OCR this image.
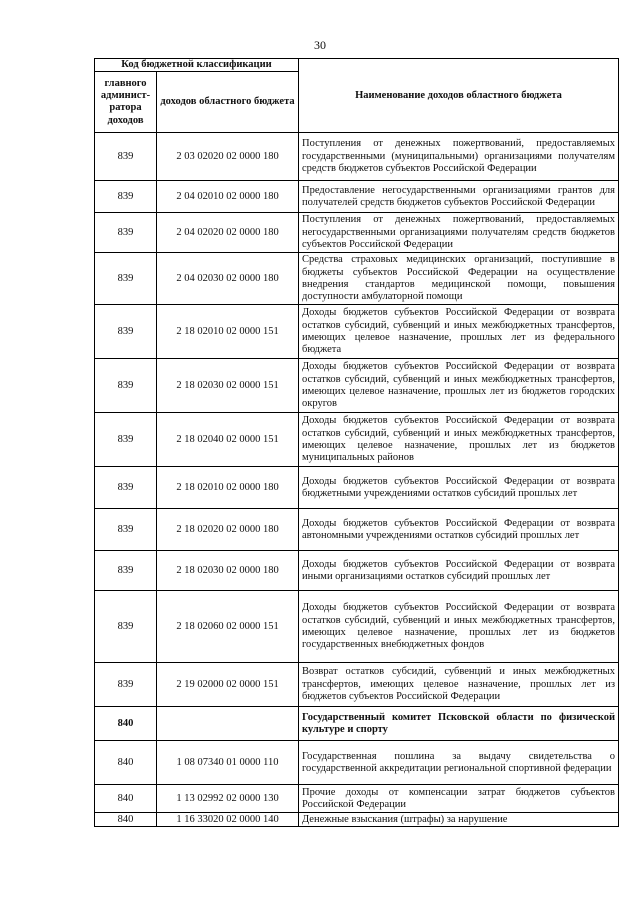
30
Код бюджетной классификации		Наименование доходов областного бюджета
главного админист-ратора доходов	доходов областного бюджета	
839	2 03 02020 02 0000 180	Поступления от денежных пожертвований, предоставляемых государственными (муниципальными) организациями получателям средств бюджетов субъектов Российской Федерации
839	2 04 02010 02 0000 180	Предоставление негосударственными организациями грантов для получателей средств бюджетов субъектов Российской Федерации
839	2 04 02020 02 0000 180	Поступления от денежных пожертвований, предоставляемых негосударственными организациями получателям средств бюджетов субъектов Российской Федерации
839	2 04 02030 02 0000 180	Средства страховых медицинских организаций, поступившие в бюджеты субъектов Российской Федерации на осуществление внедрения стандартов медицинской помощи, повышения доступности амбулаторной помощи
839	2 18 02010 02 0000 151	Доходы бюджетов субъектов Российской Федерации от возврата остатков субсидий, субвенций и иных межбюджетных трансфертов, имеющих целевое назначение, прошлых лет из федерального бюджета
839	2 18 02030 02 0000 151	Доходы бюджетов субъектов Российской Федерации от возврата остатков субсидий, субвенций и иных межбюджетных трансфертов, имеющих целевое назначение, прошлых лет из бюджетов городских округов
839	2 18 02040 02 0000 151	Доходы бюджетов субъектов Российской Федерации от возврата остатков субсидий, субвенций и иных межбюджетных трансфертов, имеющих целевое назначение, прошлых лет из бюджетов муниципальных районов
839	2 18 02010 02 0000 180	Доходы бюджетов субъектов Российской Федерации от возврата бюджетными учреждениями остатков субсидий прошлых лет
839	2 18 02020 02 0000 180	Доходы бюджетов субъектов Российской Федерации от возврата автономными учреждениями остатков субсидий прошлых лет
839	2 18 02030 02 0000 180	Доходы бюджетов субъектов Российской Федерации от возврата иными организациями остатков субсидий прошлых лет
839	2 18 02060 02 0000 151	Доходы бюджетов субъектов Российской Федерации от возврата остатков субсидий, субвенций и иных межбюджетных трансфертов, имеющих целевое назначение, прошлых лет из бюджетов государственных внебюджетных фондов
839	2 19 02000 02 0000 151	Возврат остатков субсидий, субвенций и иных межбюджетных трансфертов, имеющих целевое назначение, прошлых лет из бюджетов субъектов Российской Федерации
840		Государственный комитет Псковской области по физической культуре и спорту
840	1 08 07340 01 0000 110	Государственная пошлина за выдачу свидетельства о государственной аккредитации региональной спортивной федерации
840	1 13 02992 02 0000 130	Прочие доходы от компенсации затрат бюджетов субъектов Российской Федерации
840	1 16 33020 02 0000 140	Денежные взыскания (штрафы) за нарушение
